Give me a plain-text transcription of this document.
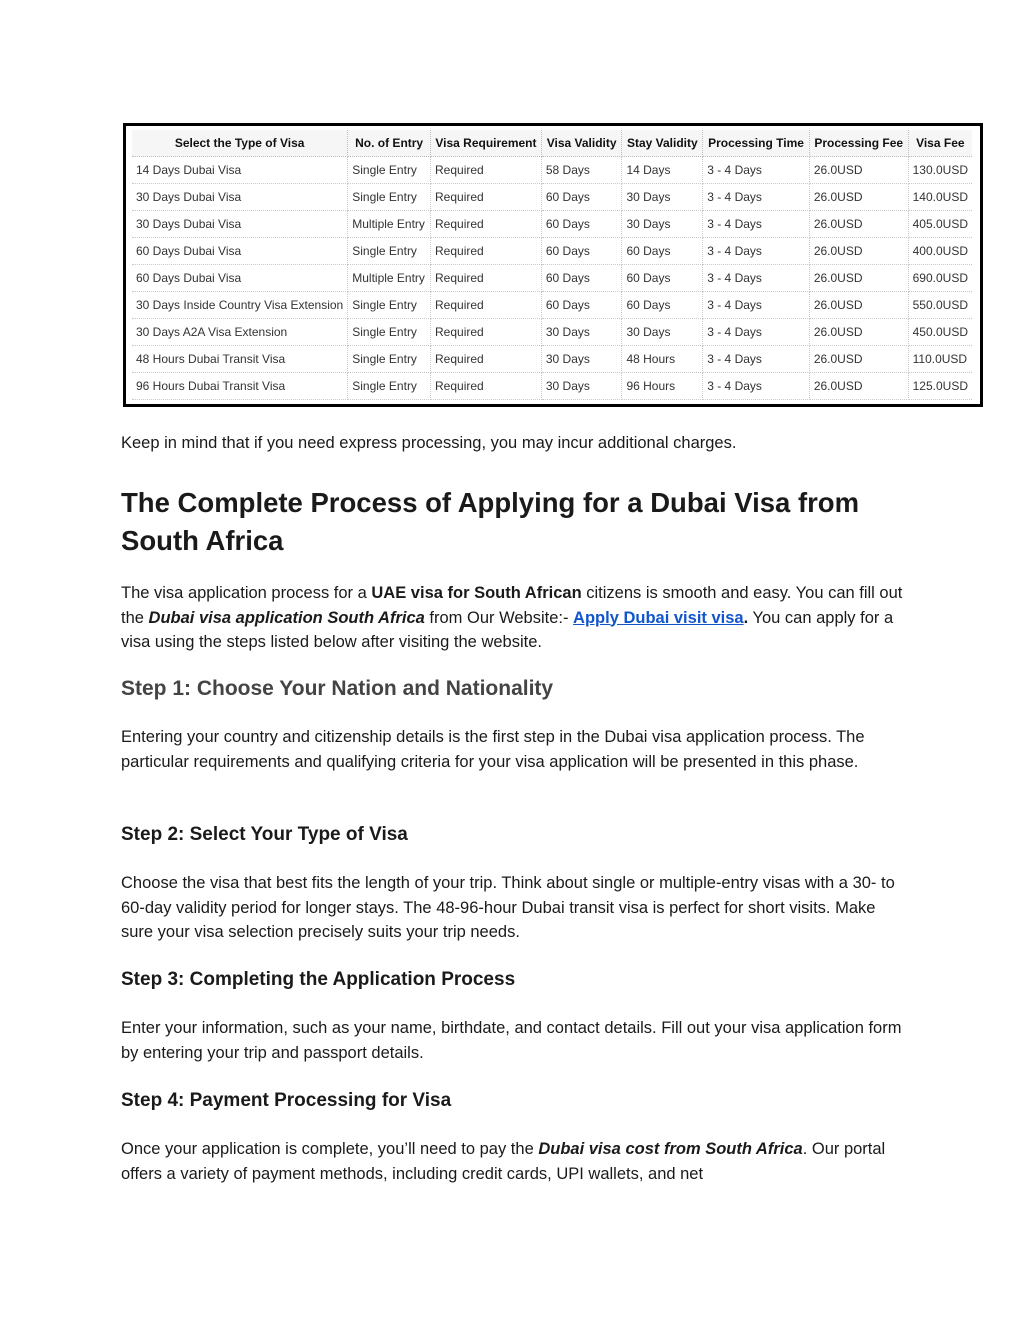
Select the Type of Visa	No. of Entry	Visa Requirement	Visa Validity	Stay Validity	Processing Time	Processing Fee	Visa Fee
14 Days Dubai Visa	Single Entry	Required	58 Days	14 Days	3 - 4 Days	26.0USD	130.0USD
30 Days Dubai Visa	Single Entry	Required	60 Days	30 Days	3 - 4 Days	26.0USD	140.0USD
30 Days Dubai Visa	Multiple Entry	Required	60 Days	30 Days	3 - 4 Days	26.0USD	405.0USD
60 Days Dubai Visa	Single Entry	Required	60 Days	60 Days	3 - 4 Days	26.0USD	400.0USD
60 Days Dubai Visa	Multiple Entry	Required	60 Days	60 Days	3 - 4 Days	26.0USD	690.0USD
30 Days Inside Country Visa Extension	Single Entry	Required	60 Days	60 Days	3 - 4 Days	26.0USD	550.0USD
30 Days A2A Visa Extension	Single Entry	Required	30 Days	30 Days	3 - 4 Days	26.0USD	450.0USD
48 Hours Dubai Transit Visa	Single Entry	Required	30 Days	48 Hours	3 - 4 Days	26.0USD	110.0USD
96 Hours Dubai Transit Visa	Single Entry	Required	30 Days	96 Hours	3 - 4 Days	26.0USD	125.0USD

Keep in mind that if you need express processing, you may incur additional charges.

The Complete Process of Applying for a Dubai Visa from South Africa

The visa application process for a UAE visa for South African citizens is smooth and easy. You can fill out the Dubai visa application South Africa from Our Website:- Apply Dubai visit visa. You can apply for a visa using the steps listed below after visiting the website.

Step 1: Choose Your Nation and Nationality

Entering your country and citizenship details is the first step in the Dubai visa application process. The particular requirements and qualifying criteria for your visa application will be presented in this phase.

Step 2: Select Your Type of Visa

Choose the visa that best fits the length of your trip. Think about single or multiple-entry visas with a 30- to 60-day validity period for longer stays. The 48-96-hour Dubai transit visa is perfect for short visits. Make sure your visa selection precisely suits your trip needs.

Step 3: Completing the Application Process

Enter your information, such as your name, birthdate, and contact details. Fill out your visa application form by entering your trip and passport details.

Step 4: Payment Processing for Visa

Once your application is complete, you’ll need to pay the Dubai visa cost from South Africa. Our portal offers a variety of payment methods, including credit cards, UPI wallets, and net
